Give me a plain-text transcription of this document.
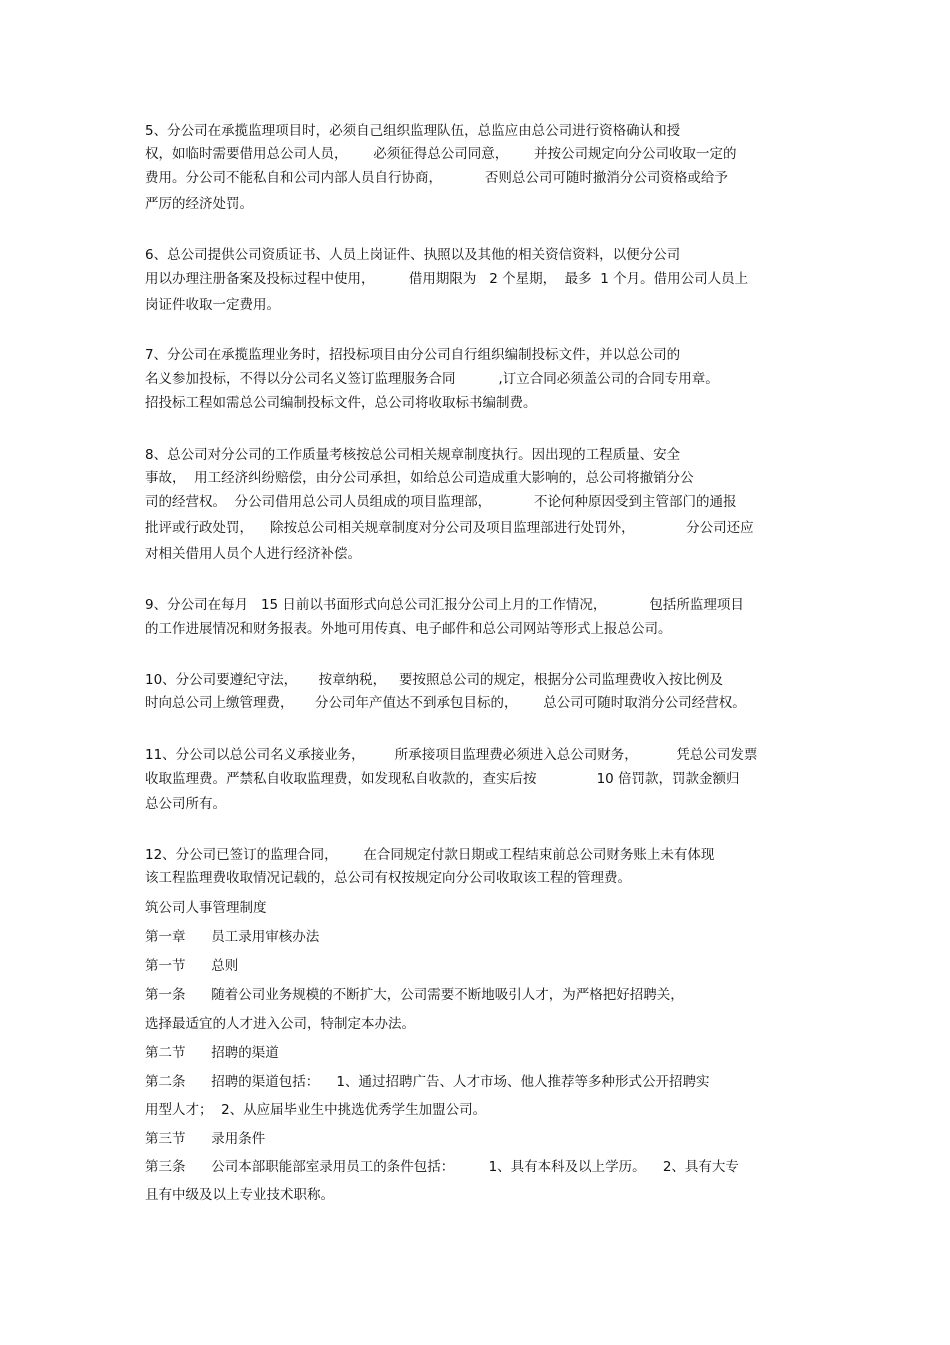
5、分公司在承揽监理项目时，必须自己组织监理队伍，总监应由总公司进行资格确认和授
权，如临时需要借用总公司人员，      必须征得总公司同意，      并按公司规定向分公司收取一定的
费用。分公司不能私自和公司内部人员自行协商，          否则总公司可随时撤消分公司资格或给予
严厉的经济处罚。
6、总公司提供公司资质证书、人员上岗证件、执照以及其他的相关资信资料，以便分公司
用以办理注册备案及投标过程中使用，        借用期限为   2 个星期，  最多  1 个月。借用公司人员上
岗证件收取一定费用。
7、分公司在承揽监理业务时，招投标项目由分公司自行组织编制投标文件，并以总公司的
名义参加投标，不得以分公司名义签订监理服务合同          ,订立合同必须盖公司的合同专用章。
招投标工程如需总公司编制投标文件，总公司将收取标书编制费。
8、总公司对分公司的工作质量考核按总公司相关规章制度执行。因出现的工程质量、安全
事故，  用工经济纠纷赔偿，由分公司承担，如给总公司造成重大影响的，总公司将撤销分公
司的经营权。  分公司借用总公司人员组成的项目监理部，          不论何种原因受到主管部门的通报
批评或行政处罚，    除按总公司相关规章制度对分公司及项目监理部进行处罚外，            分公司还应
对相关借用人员个人进行经济补偿。
9、分公司在每月   15 日前以书面形式向总公司汇报分公司上月的工作情况，          包括所监理项目
的工作进展情况和财务报表。外地可用传真、电子邮件和总公司网站等形式上报总公司。
10、分公司要遵纪守法，     按章纳税，   要按照总公司的规定，根据分公司监理费收入按比例及
时向总公司上缴管理费，     分公司年产值达不到承包目标的，      总公司可随时取消分公司经营权。
11、分公司以总公司名义承接业务，       所承接项目监理费必须进入总公司财务，         凭总公司发票
收取监理费。严禁私自收取监理费，如发现私自收款的，查实后按              10 倍罚款，罚款金额归
总公司所有。
12、分公司已签订的监理合同，      在合同规定付款日期或工程结束前总公司财务账上未有体现
该工程监理费收取情况记载的，总公司有权按规定向分公司收取该工程的管理费。
筑公司人事管理制度
第一章      员工录用审核办法
第一节      总则
第一条      随着公司业务规模的不断扩大，公司需要不断地吸引人才，为严格把好招聘关，
选择最适宜的人才进入公司，特制定本办法。
第二节      招聘的渠道
第二条      招聘的渠道包括：    1、通过招聘广告、人才市场、他人推荐等多种形式公开招聘实
用型人才；  2、从应届毕业生中挑选优秀学生加盟公司。
第三节      录用条件
第三条      公司本部职能部室录用员工的条件包括：        1、具有本科及以上学历。    2、具有大专
且有中级及以上专业技术职称。
